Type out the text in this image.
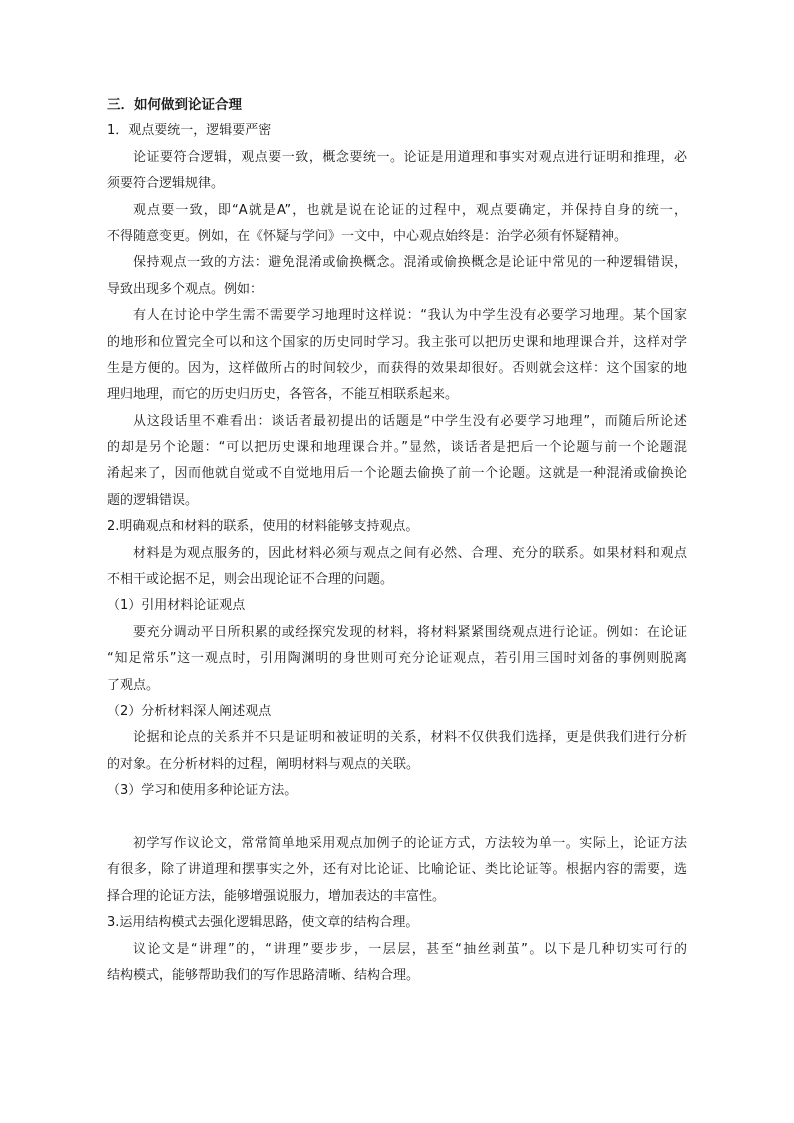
三．如何做到论证合理
1．观点要统一，逻辑要严密
论证要符合逻辑，观点要一致，概念要统一。论证是用道理和事实对观点进行证明和推理，必
须要符合逻辑规律。
观点要一致，即“A就是A”，也就是说在论证的过程中，观点要确定，并保持自身的统一，
不得随意变更。例如，在《怀疑与学问》一文中，中心观点始终是：治学必须有怀疑精神。
保持观点一致的方法：避免混淆或偷换概念。混淆或偷换概念是论证中常见的一种逻辑错误，
导致出现多个观点。例如：
有人在讨论中学生需不需要学习地理时这样说：“我认为中学生没有必要学习地理。某个国家
的地形和位置完全可以和这个国家的历史同时学习。我主张可以把历史课和地理课合并，这样对学
生是方便的。因为，这样做所占的时间较少，而获得的效果却很好。否则就会这样：这个国家的地
理归地理，而它的历史归历史，各管各，不能互相联系起来。
从这段话里不难看出：谈话者最初提出的话题是“中学生没有必要学习地理”，而随后所论述
的却是另个论题：“可以把历史课和地理课合并。”显然，谈话者是把后一个论题与前一个论题混
淆起来了，因而他就自觉或不自觉地用后一个论题去偷换了前一个论题。这就是一种混淆或偷换论
题的逻辑错误。
2.明确观点和材料的联系，使用的材料能够支持观点。
材料是为观点服务的，因此材料必须与观点之间有必然、合理、充分的联系。如果材料和观点
不相干或论据不足，则会出现论证不合理的问题。
（1）引用材料论证观点
要充分调动平日所积累的或经探究发现的材料，将材料紧紧围绕观点进行论证。例如：在论证
“知足常乐”这一观点时，引用陶渊明的身世则可充分论证观点，若引用三国时刘备的事例则脱离
了观点。
（2）分析材料深人阐述观点
论据和论点的关系并不只是证明和被证明的关系，材料不仅供我们选择，更是供我们进行分析
的对象。在分析材料的过程，阐明材料与观点的关联。
（3）学习和使用多种论证方法。
初学写作议论文，常常简单地采用观点加例子的论证方式，方法较为单一。实际上，论证方法
有很多，除了讲道理和摆事实之外，还有对比论证、比喻论证、类比论证等。根据内容的需要，选
择合理的论证方法，能够增强说服力，增加表达的丰富性。
3.运用结构模式去强化逻辑思路，使文章的结构合理。
议论文是“讲理”的，“讲理”要步步，一层层，甚至“抽丝剥茧”。以下是几种切实可行的
结构模式，能够帮助我们的写作思路清晰、结构合理。
